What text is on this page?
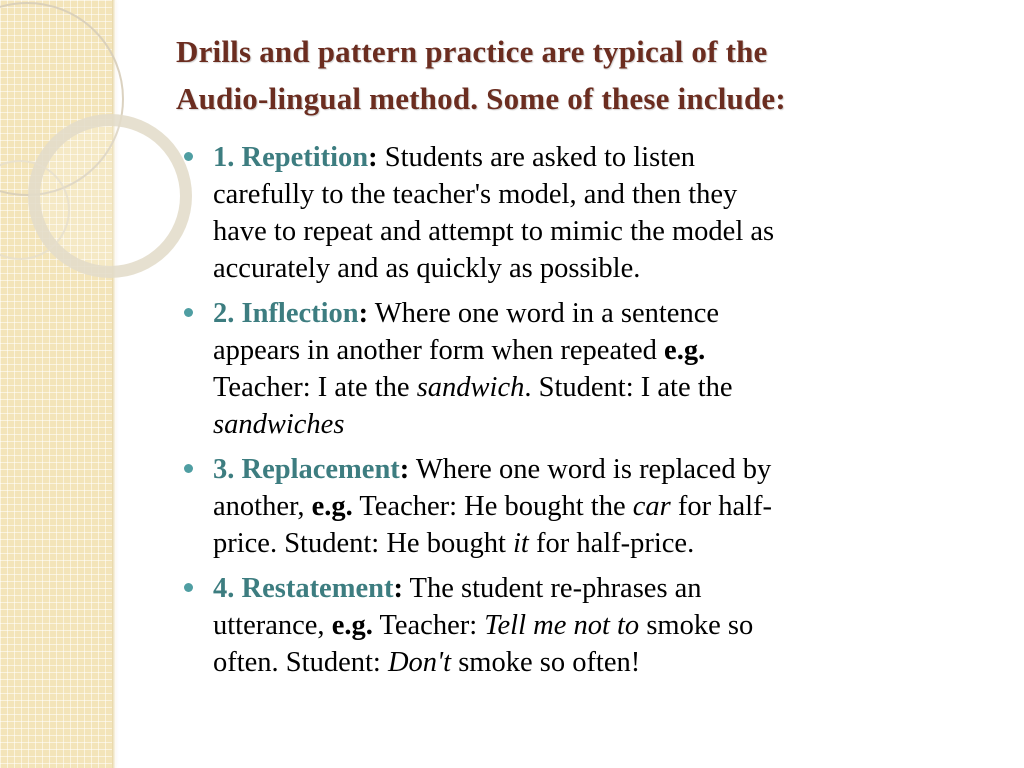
Drills and pattern practice are typical of the
Audio-lingual method. Some of these include:
1. Repetition: Students are asked to listen
carefully to the teacher's model, and then they
have to repeat and attempt to mimic the model as
accurately and as quickly as possible.
2. Inflection: Where one word in a sentence
appears in another form when repeated e.g.
Teacher: I ate the sandwich. Student: I ate the
sandwiches
3. Replacement: Where one word is replaced by
another, e.g. Teacher: He bought the car for half-
price. Student: He bought it for half-price.
4. Restatement: The student re-phrases an
utterance, e.g. Teacher: Tell me not to smoke so
often. Student: Don't smoke so often!
